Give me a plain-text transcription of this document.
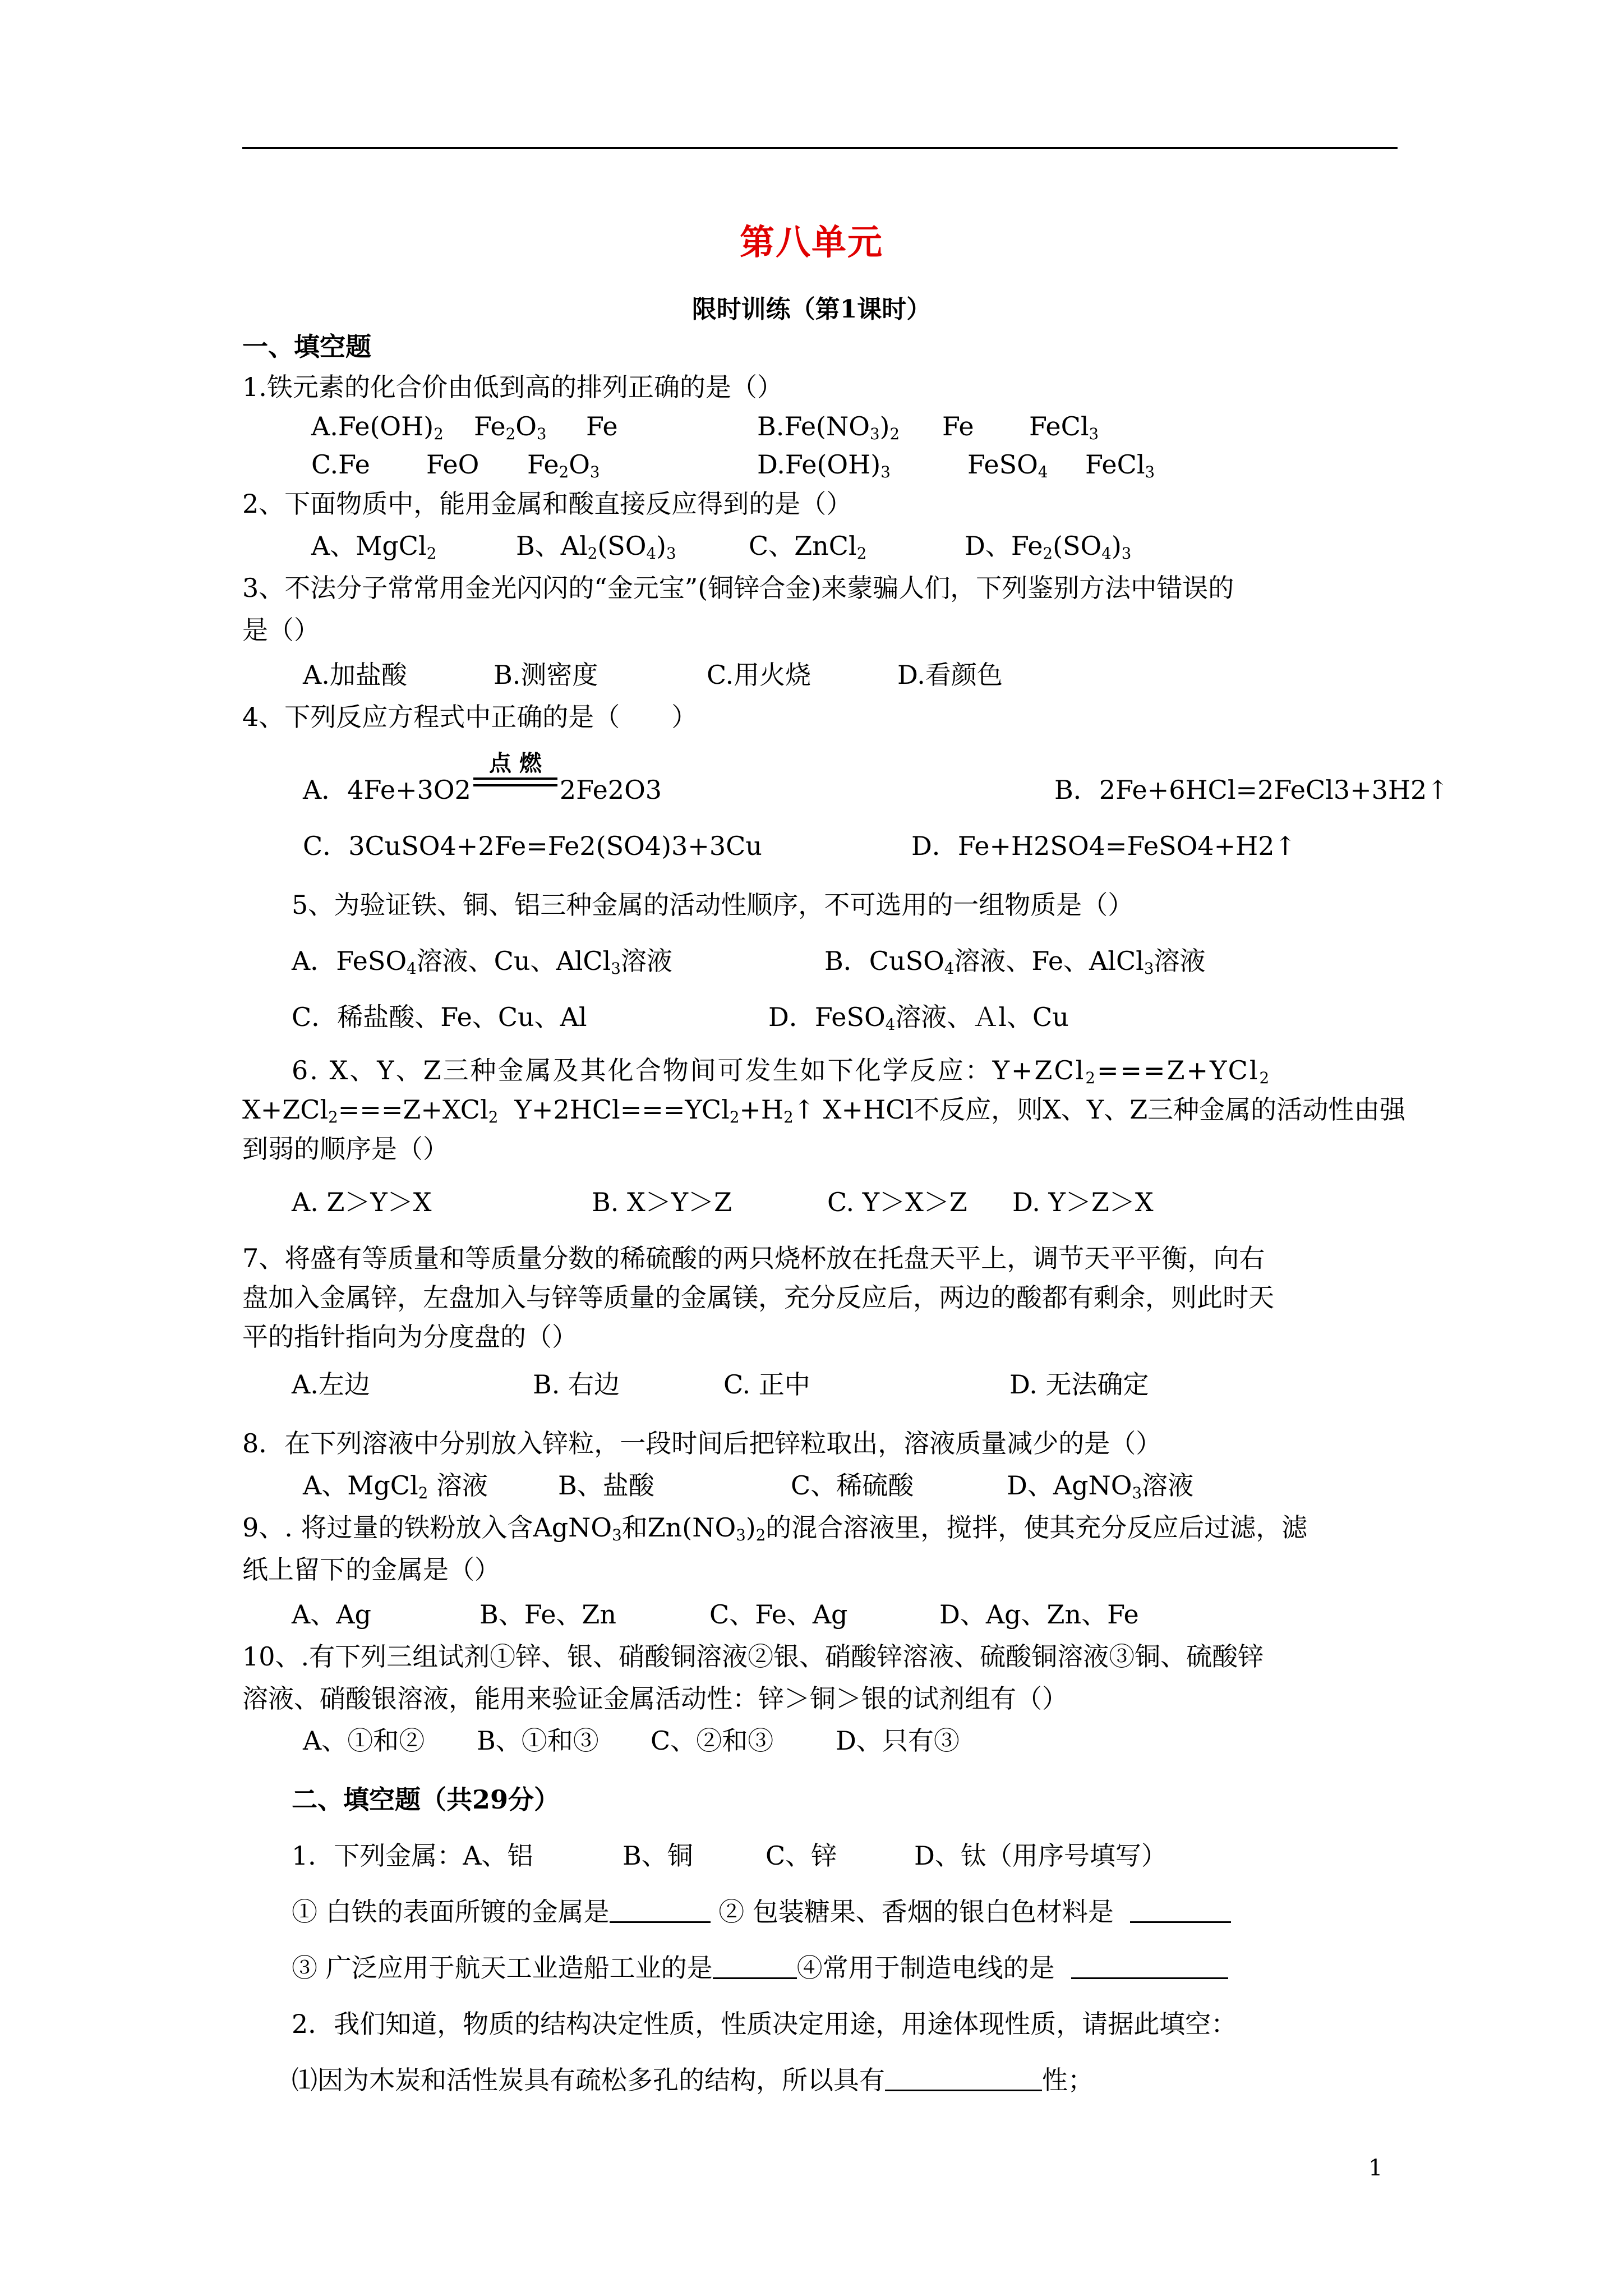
第八单元
限时训练（第1课时）
一、填空题
1.铁元素的化合价由低到高的排列正确的是（）
$A.Fe(OH)_2$ $Fe_2O_3$ Fe	$B.Fe(NO_3)_2$ Fe FeCl$_3$
C.Fe FeO $Fe_2O_3$	$D.Fe(OH)_3$	FeSO$_4$ FeCl$_3$
2、下面物质中，能用金属和酸直接反应得到的是（）
A、MgCl$_2$	B、$Al_2(SO_4)_3$	C、ZnCl$_2$	D、$Fe_2(SO_4)_3$
3、不法分子常常用金光闪闪的“金元宝”(铜锌合金)来蒙骗人们，下列鉴别方法中错误的
是（）
A.加盐酸	B.测密度	C.用火烧	D.看颜色
4、下列反应方程式中正确的是（　　）
A．4Fe+3O2
点 燃
2Fe2O3	B．2Fe+6HCl=2FeCl3+3H2↑
C．3CuSO4+2Fe=Fe2(SO4)3+3Cu	D．Fe+H2SO4=FeSO4+H2↑
5、为验证铁、铜、铝三种金属的活动性顺序，不可选用的一组物质是（）
A．FeSO$_4$溶液、Cu、AlCl$_3$溶液	B．CuSO$_4$溶液、Fe、AlCl$_3$溶液
C．稀盐酸、Fe、Cu、Al	D．FeSO$_4$溶液、Ａl、Cu
6. X、Y、Z三种金属及其化合物间可发生如下化学反应：Y+ZCl$_2$===Z+YCl$_2$
X+ZCl$_2$===Z+XCl$_2$ $Y+2HCl===YCl_2+H_2↑$ X+HCl不反应，则X、Y、Z三种金属的活动性由强
到弱的顺序是（）
A. Z＞Y＞X	B. X＞Y＞Z	C. Y＞X＞Z D. Y＞Z＞X
7、将盛有等质量和等质量分数的稀硫酸的两只烧杯放在托盘天平上，调节天平平衡，向右
盘加入金属锌，左盘加入与锌等质量的金属镁，充分反应后，两边的酸都有剩余，则此时天
平的指针指向为分度盘的（）
A.左边	B. 右边	C. 正中	D. 无法确定
8．在下列溶液中分别放入锌粒，一段时间后把锌粒取出，溶液质量减少的是（）
A、MgCl$_2$ 溶液	B、盐酸	C、稀硫酸	D、AgNO$_3$溶液
9、. 将过量的铁粉放入含AgNO$_3$和$Zn(NO_3)_2$的混合溶液里，搅拌，使其充分反应后过滤，滤
纸上留下的金属是（）
A、Ag	B、Fe、Zn	C、Fe、Ag	D、Ag、Zn、Fe
10、.有下列三组试剂①锌、银、硝酸铜溶液②银、硝酸锌溶液、硫酸铜溶液③铜、硫酸锌
溶液、硝酸银溶液，能用来验证金属活动性：锌＞铜＞银的试剂组有（）
A、①和② B、①和③ C、②和③ D、只有③
二、填空题（共29分）
1．下列金属：A、铝	B、铜	C、锌	D、钛（用序号填写）
① 白铁的表面所镀的金属是	② 包装糖果、香烟的银白色材料是
③ 广泛应用于航天工业造船工业的是	④常用于制造电线的是
2．我们知道，物质的结构决定性质，性质决定用途，用途体现性质，请据此填空：
⑴因为木炭和活性炭具有疏松多孔的结构，所以具有	性；
1
